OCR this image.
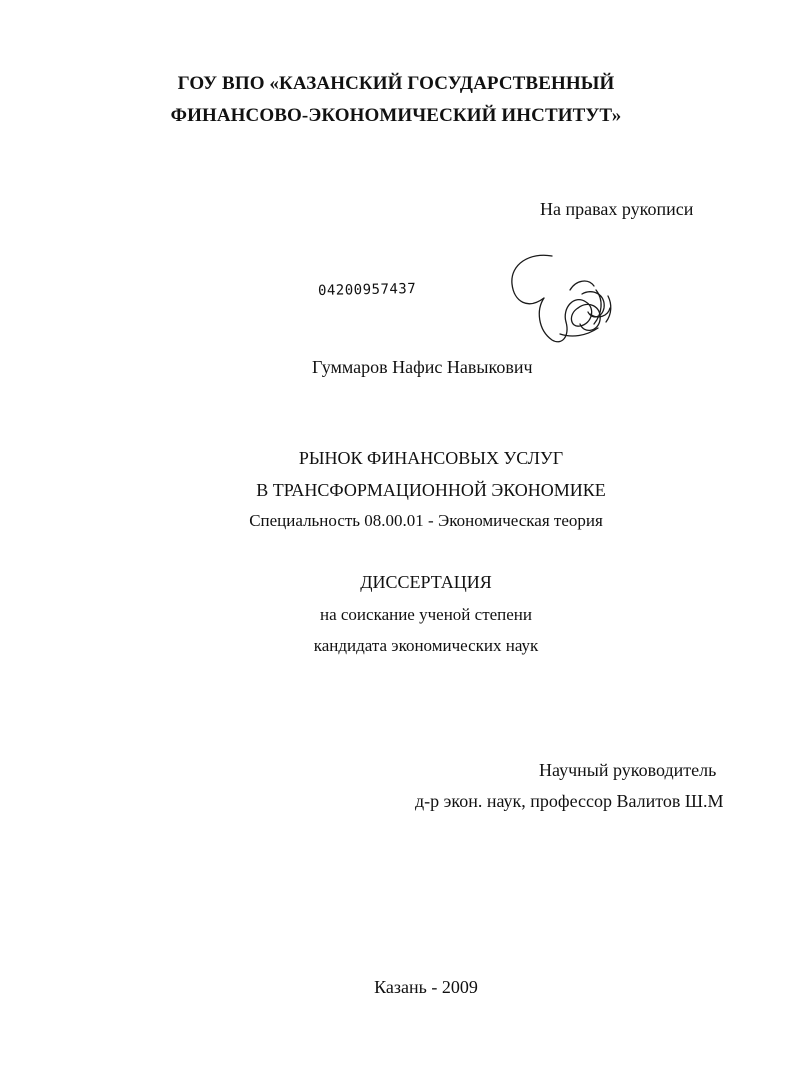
ГОУ ВПО «КАЗАНСКИЙ ГОСУДАРСТВЕННЫЙ
ФИНАНСОВО-ЭКОНОМИЧЕСКИЙ ИНСТИТУТ»
На правах рукописи
04200957437
Гуммаров Нафис Навыкович
РЫНОК ФИНАНСОВЫХ УСЛУГ
В ТРАНСФОРМАЦИОННОЙ ЭКОНОМИКЕ
Специальность 08.00.01 - Экономическая теория
ДИССЕРТАЦИЯ
на соискание ученой степени
кандидата экономических наук
Научный руководитель
д-р экон. наук, профессор Валитов Ш.М
Казань - 2009
